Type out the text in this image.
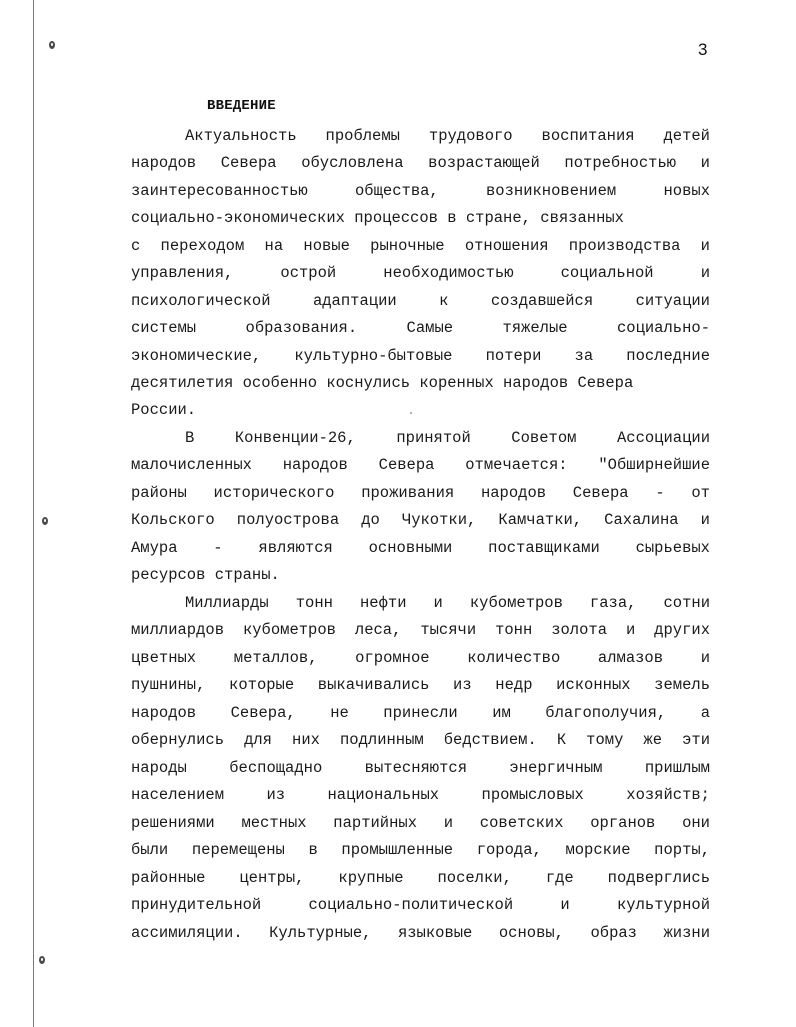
3
ВВЕДЕНИЕ
Актуальность проблемы трудового воспитания детей
народов Севера обусловлена возрастающей потребностью и
заинтересованностью общества, возникновением новых
социально-экономических процессов в стране, связанных
с переходом на новые рыночные отношения производства и
управления, острой необходимостью социальной и
психологической адаптации к создавшейся ситуации
системы образования. Самые тяжелые социально-
экономические, культурно-бытовые потери за последние
десятилетия особенно коснулись коренных народов Севера
России.
В Конвенции-26, принятой Советом Ассоциации
малочисленных народов Севера отмечается: "Обширнейшие
районы исторического проживания народов Севера - от
Кольского полуострова до Чукотки, Камчатки, Сахалина и
Амура - являются основными поставщиками сырьевых
ресурсов страны.
Миллиарды тонн нефти и кубометров газа, сотни
миллиардов кубометров леса, тысячи тонн золота и других
цветных металлов, огромное количество алмазов и
пушнины, которые выкачивались из недр исконных земель
народов Севера, не принесли им благополучия, а
обернулись для них подлинным бедствием. К тому же эти
народы беспощадно вытесняются энергичным пришлым
населением из национальных промысловых хозяйств;
решениями местных партийных и советских органов они
были перемещены в промышленные города, морские порты,
районные центры, крупные поселки, где подверглись
принудительной социально-политической и культурной
ассимиляции. Культурные, языковые основы, образ жизни
